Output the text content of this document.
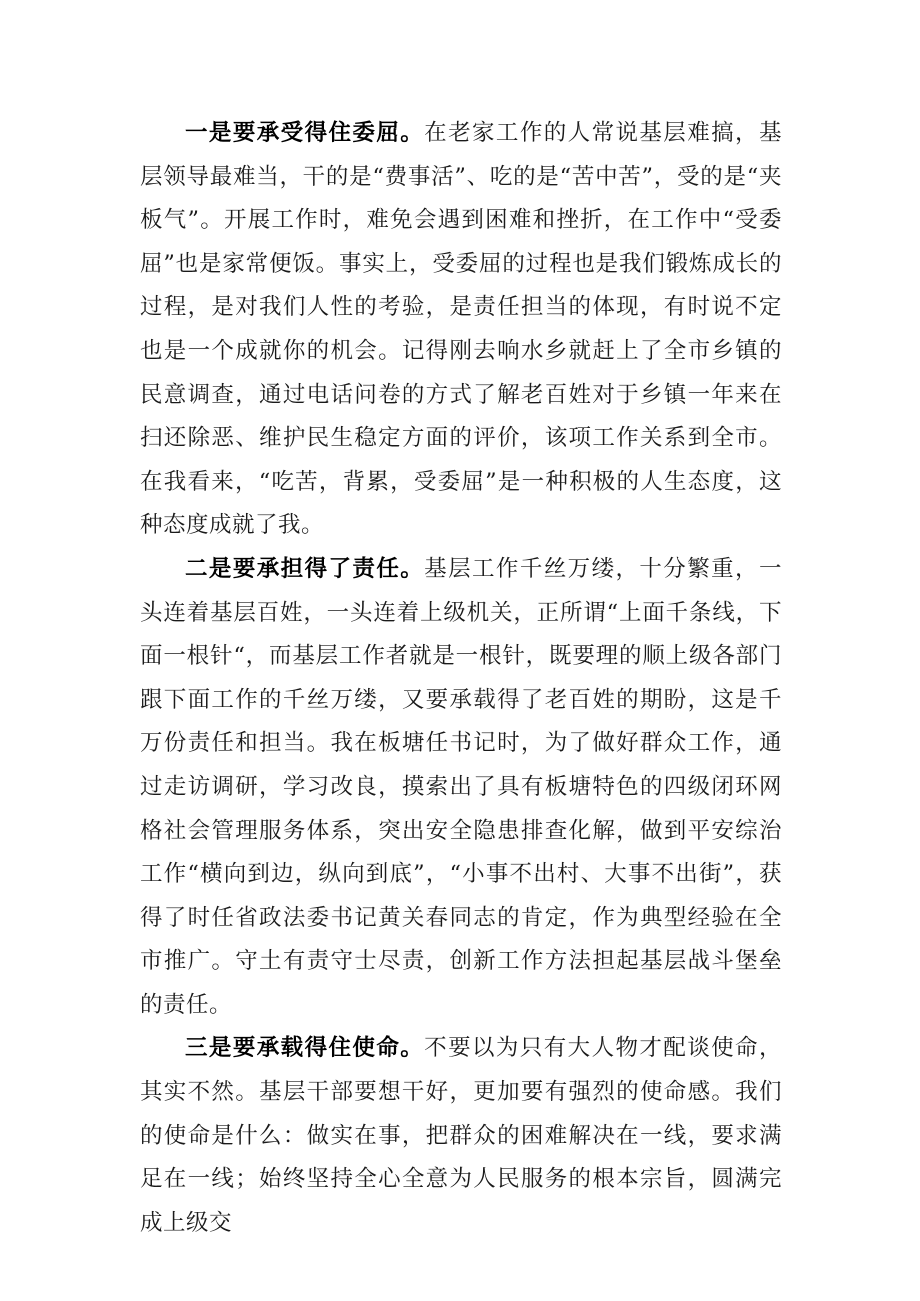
一是要承受得住委屈。在老家工作的人常说基层难搞，基层领导最难当，干的是“费事活”、吃的是“苦中苦”，受的是“夹板气”。开展工作时，难免会遇到困难和挫折，在工作中“受委屈”也是家常便饭。事实上，受委屈的过程也是我们锻炼成长的过程，是对我们人性的考验，是责任担当的体现，有时说不定也是一个成就你的机会。记得刚去响水乡就赶上了全市乡镇的民意调查，通过电话问卷的方式了解老百姓对于乡镇一年来在扫还除恶、维护民生稳定方面的评价，该项工作关系到全市。在我看来，“吃苦，背累，受委屈”是一种积极的人生态度，这种态度成就了我。

二是要承担得了责任。基层工作千丝万缕，十分繁重，一头连着基层百姓，一头连着上级机关，正所谓“上面千条线，下面一根针“，而基层工作者就是一根针，既要理的顺上级各部门跟下面工作的千丝万缕，又要承载得了老百姓的期盼，这是千万份责任和担当。我在板塘任书记时，为了做好群众工作，通过走访调研，学习改良，摸索出了具有板塘特色的四级闭环网格社会管理服务体系，突出安全隐患排查化解，做到平安综治工作“横向到边，纵向到底”，“小事不出村、大事不出街”，获得了时任省政法委书记黄关春同志的肯定，作为典型经验在全市推广。守土有责守士尽责，创新工作方法担起基层战斗堡垒的责任。

三是要承载得住使命。不要以为只有大人物才配谈使命，其实不然。基层干部要想干好，更加要有强烈的使命感。我们的使命是什么：做实在事，把群众的困难解决在一线，要求满足在一线；始终坚持全心全意为人民服务的根本宗旨，圆满完成上级交
